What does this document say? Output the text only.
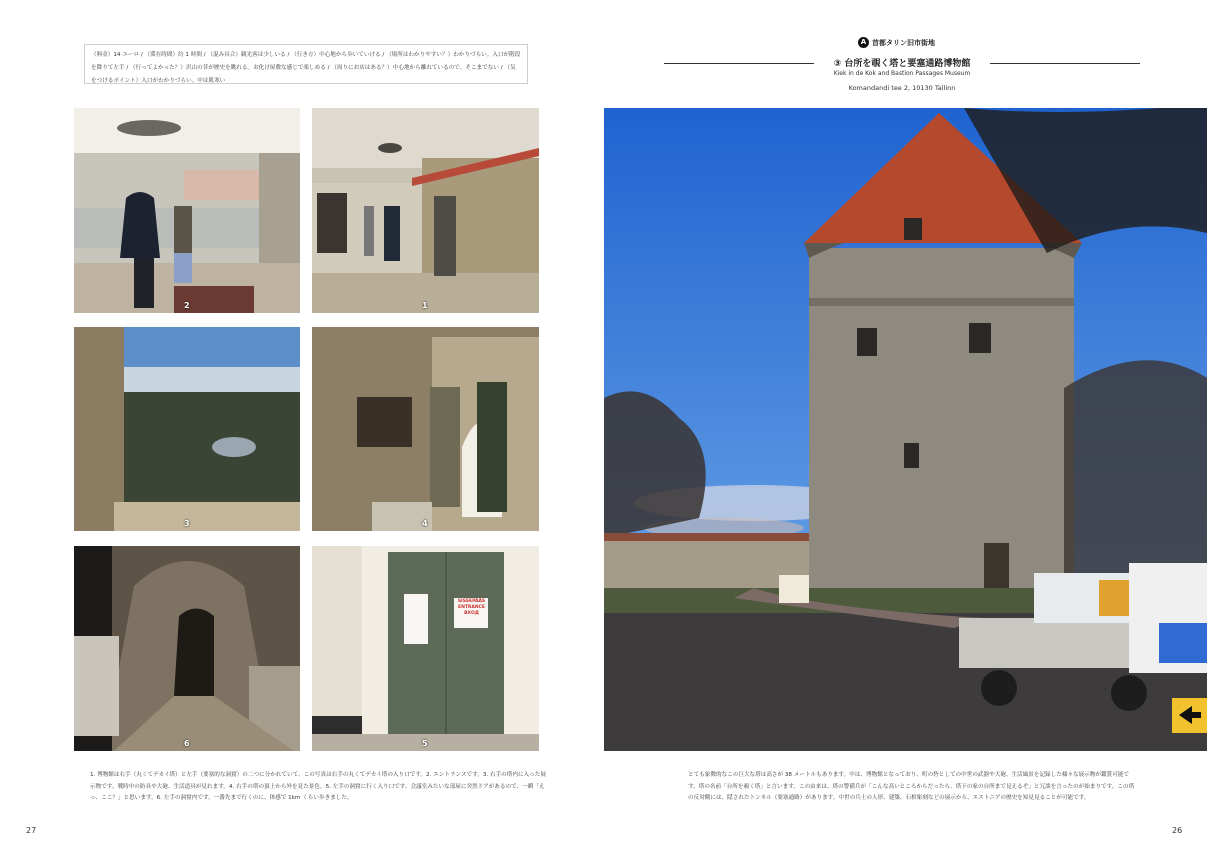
（料金）14 ユーロ / （滞在時間）約 1 時間 / （混み具合）観光客は少しいる / （行き方）中心地から歩いていける / （場所はわかりやすい？）わかりづらい。入口が階段を降りて左手 / （行ってよかった？）沢山の昔が歴史を眺れる。お化け屋敷な感じで楽しめる / （周りにお店はある？）中心地から離れているので、そこまでない / （気をつけるポイント）入口がわかりづらい。中は肌寒い
2	1
3	4
6
SISSEPÄÄS
ENTRANCE
ВХОД
5
1. 博物館は右手（丸くてデカイ塔）と左手（要塞的な洞窟）の二つに分かれていて、この写真は右手の丸くてデカイ塔の入り口です。2. エントランスです。3. 右手の塔内に入った展示物です。戦時中の防具や大砲、生活道具が見れます。4. 右手の塔の頂上から外を見た景色。5. 左手の洞窟に行く入り口です。会議室みたいな部屋に突然ドアがあるので、一瞬「えっ、ここ？」と思います。6. 左手の洞窟内です。一番先まで行くのに、体感で 1km くらい歩きました。
27
A 首都タリン旧市街地
③ 台所を覗く塔と要塞通路博物館
Kiek in de Kok and Bastion Passages Museum
Komandandi tee 2, 10130 Tallinn
とても象徴的なこの巨大な塔は高さが 38 メートルもあります。中は、博物館となっており、町の砦としての中世の武器や大砲、生活風景を記録した様々な展示物が鑑賞可能です。塔の名前「台所を覗く塔」と言います。この由来は、塔の警備兵が「こんな高いところからだったら、塔下の家の台所まで見えるぞ」と冗談を言ったのが始まりです。この塔の反対側には、隠されたトンネル（要塞通路）があります。中世の兵士の人形、建築、石棺彫刻などの展示から、エストニアの歴史を知見見ることが可能です。
26
